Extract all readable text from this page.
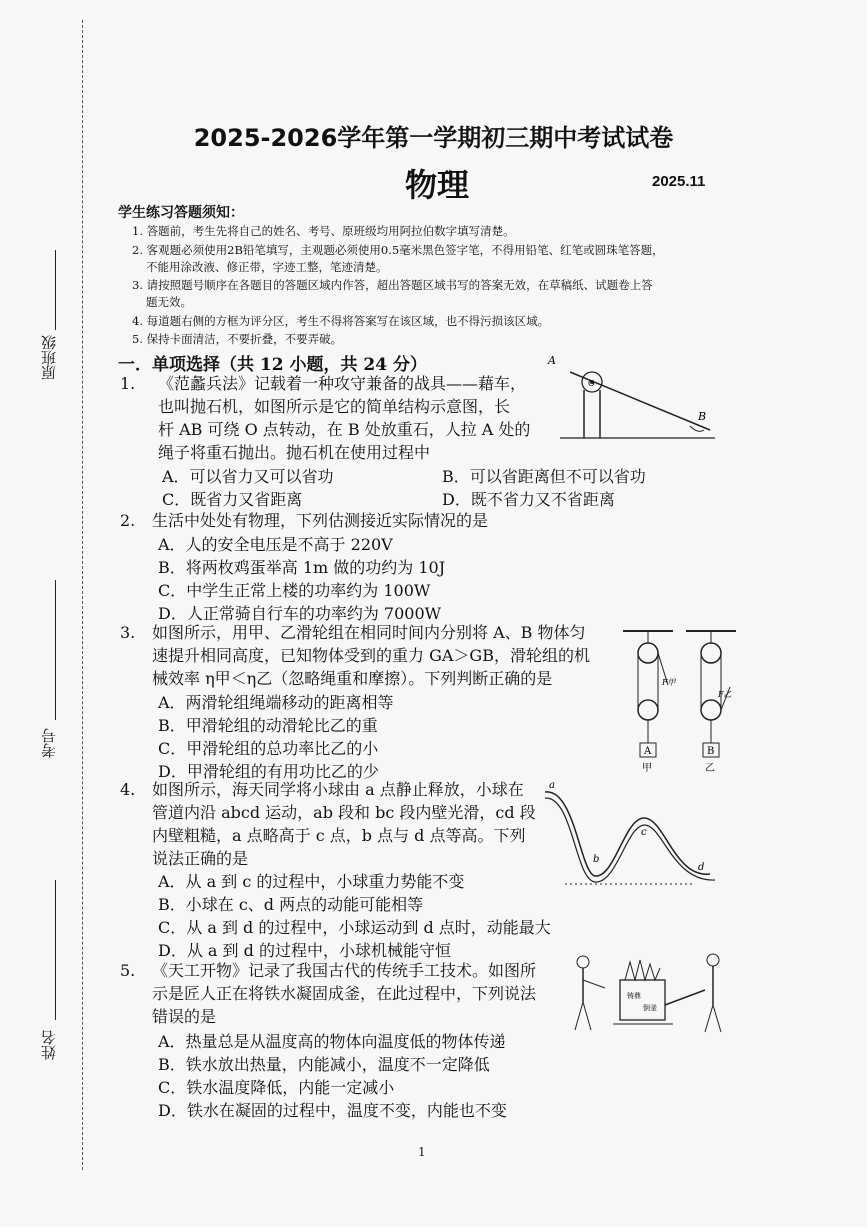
原班级
考号
姓名
2025-2026学年第一学期初三期中考试试卷
物理	2025.11
学生练习答题须知：
1. 答题前，考生先将自己的姓名、考号、原班级均用阿拉伯数字填写清楚。
2. 客观题必须使用2B铅笔填写，主观题必须使用0.5毫米黑色签字笔，不得用铅笔、红笔或圆珠笔答题，
不能用涂改液、修正带，字迹工整，笔迹清楚。
3. 请按照题号顺序在各题目的答题区域内作答，超出答题区域书写的答案无效，在草稿纸、试题卷上答
题无效。
4. 每道题右侧的方框为评分区，考生不得将答案写在该区域，也不得污损该区域。
5. 保持卡面清洁，不要折叠，不要弄破。
一．单项选择（共 12 小题，共 24 分）
1. 《范蠡兵法》记载着一种攻守兼备的战具——藉车，
也叫抛石机，如图所示是它的简单结构示意图，长
杆 AB 可绕 O 点转动，在 B 处放重石，人拉 A 处的
绳子将重石抛出。抛石机在使用过程中
A．可以省力又可以省功	B．可以省距离但不可以省功
C．既省力又省距离	D．既不省力又不省距离
A
O
B
2. 生活中处处有物理，下列估测接近实际情况的是
A．人的安全电压是不高于 220V
B．将两枚鸡蛋举高 1m 做的功约为 10J
C．中学生正常上楼的功率约为 100W
D．人正常骑自行车的功率约为 7000W
3. 如图所示，用甲、乙滑轮组在相同时间内分别将 A、B 物体匀
速提升相同高度，已知物体受到的重力 GA＞GB，滑轮组的机
械效率 η甲＜η乙（忽略绳重和摩擦）。下列判断正确的是
A．两滑轮组绳端移动的距离相等
B．甲滑轮组的动滑轮比乙的重
C．甲滑轮组的总功率比乙的小
D．甲滑轮组的有用功比乙的少
A
甲
F甲
B
乙
F乙
4. 如图所示，海天同学将小球由 a 点静止释放，小球在
管道内沿 abcd 运动，ab 段和 bc 段内壁光滑，cd 段
内壁粗糙，a 点略高于 c 点，b 点与 d 点等高。下列
说法正确的是
A．从 a 到 c 的过程中，小球重力势能不变
B．小球在 c、d 两点的动能可能相等
C．从 a 到 d 的过程中，小球运动到 d 点时，动能最大
D．从 a 到 d 的过程中，小球机械能守恒
a
b
c
d
5. 《天工开物》记录了我国古代的传统手工技术。如图所
示是匠人正在将铁水凝固成釜，在此过程中，下列说法
错误的是
A．热量总是从温度高的物体向温度低的物体传递
B．铁水放出热量，内能减小，温度不一定降低
C．铁水温度降低，内能一定减小
D．铁水在凝固的过程中，温度不变，内能也不变
铸鼎
倒釜
1
